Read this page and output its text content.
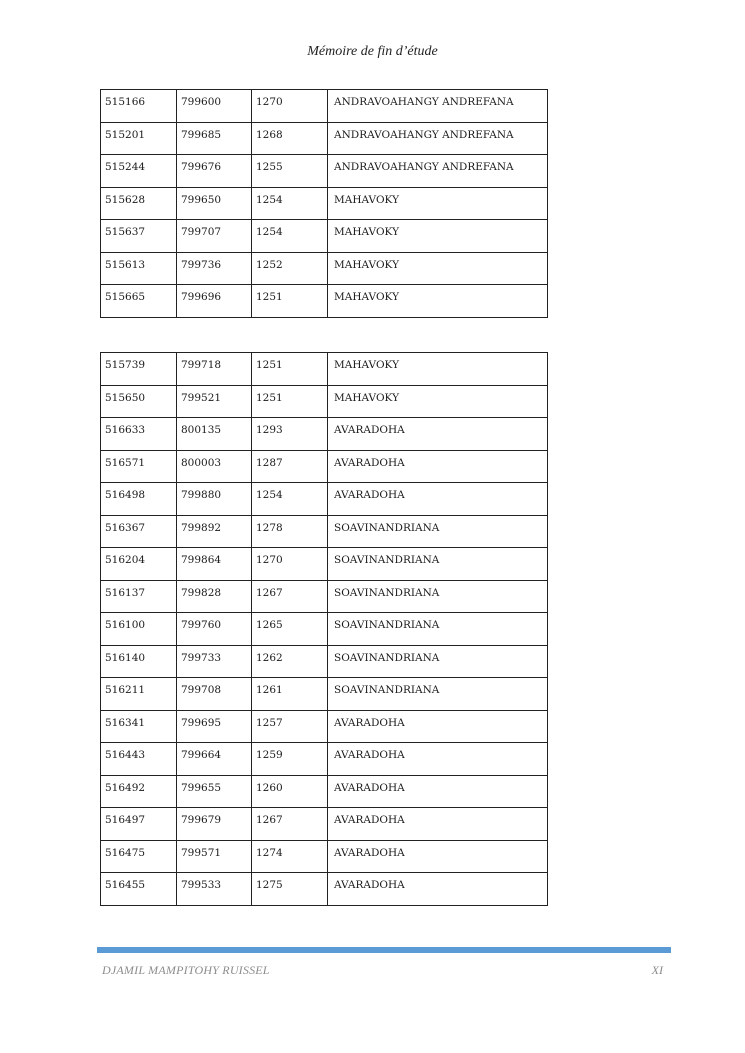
Mémoire de fin d’étude
515166	799600	1270	ANDRAVOAHANGY ANDREFANA
515201	799685	1268	ANDRAVOAHANGY ANDREFANA
515244	799676	1255	ANDRAVOAHANGY ANDREFANA
515628	799650	1254	MAHAVOKY
515637	799707	1254	MAHAVOKY
515613	799736	1252	MAHAVOKY
515665	799696	1251	MAHAVOKY
515739	799718	1251	MAHAVOKY
515650	799521	1251	MAHAVOKY
516633	800135	1293	AVARADOHA
516571	800003	1287	AVARADOHA
516498	799880	1254	AVARADOHA
516367	799892	1278	SOAVINANDRIANA
516204	799864	1270	SOAVINANDRIANA
516137	799828	1267	SOAVINANDRIANA
516100	799760	1265	SOAVINANDRIANA
516140	799733	1262	SOAVINANDRIANA
516211	799708	1261	SOAVINANDRIANA
516341	799695	1257	AVARADOHA
516443	799664	1259	AVARADOHA
516492	799655	1260	AVARADOHA
516497	799679	1267	AVARADOHA
516475	799571	1274	AVARADOHA
516455	799533	1275	AVARADOHA
DJAMIL MAMPITOHY RUISSEL	XI
